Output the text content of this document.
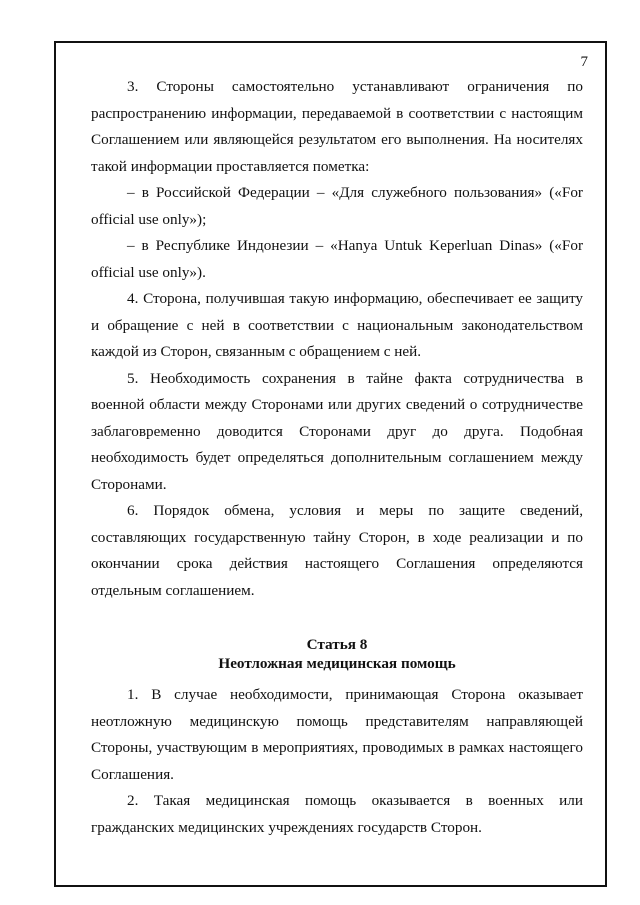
7

3. Стороны самостоятельно устанавливают ограничения по распространению информации, передаваемой в соответствии с настоящим Соглашением или являющейся результатом его выполнения. На носителях такой информации проставляется пометка:

– в Российской Федерации – «Для служебного пользования» («For official use only»);

– в Республике Индонезии – «Hanya Untuk Keperluan Dinas» («For official use only»).

4. Сторона, получившая такую информацию, обеспечивает ее защиту и обращение с ней в соответствии с национальным законодательством каждой из Сторон, связанным с обращением с ней.

5. Необходимость сохранения в тайне факта сотрудничества в военной области между Сторонами или других сведений о сотрудничестве заблаговременно доводится Сторонами друг до друга. Подобная необходимость будет определяться дополнительным соглашением между Сторонами.

6. Порядок обмена, условия и меры по защите сведений, составляющих государственную тайну Сторон, в ходе реализации и по окончании срока действия настоящего Соглашения определяются отдельным соглашением.

Статья 8

Неотложная медицинская помощь

1. В случае необходимости, принимающая Сторона оказывает неотложную медицинскую помощь представителям направляющей Стороны, участвующим в мероприятиях, проводимых в рамках настоящего Соглашения.

2. Такая медицинская помощь оказывается в военных или гражданских медицинских учреждениях государств Сторон.
